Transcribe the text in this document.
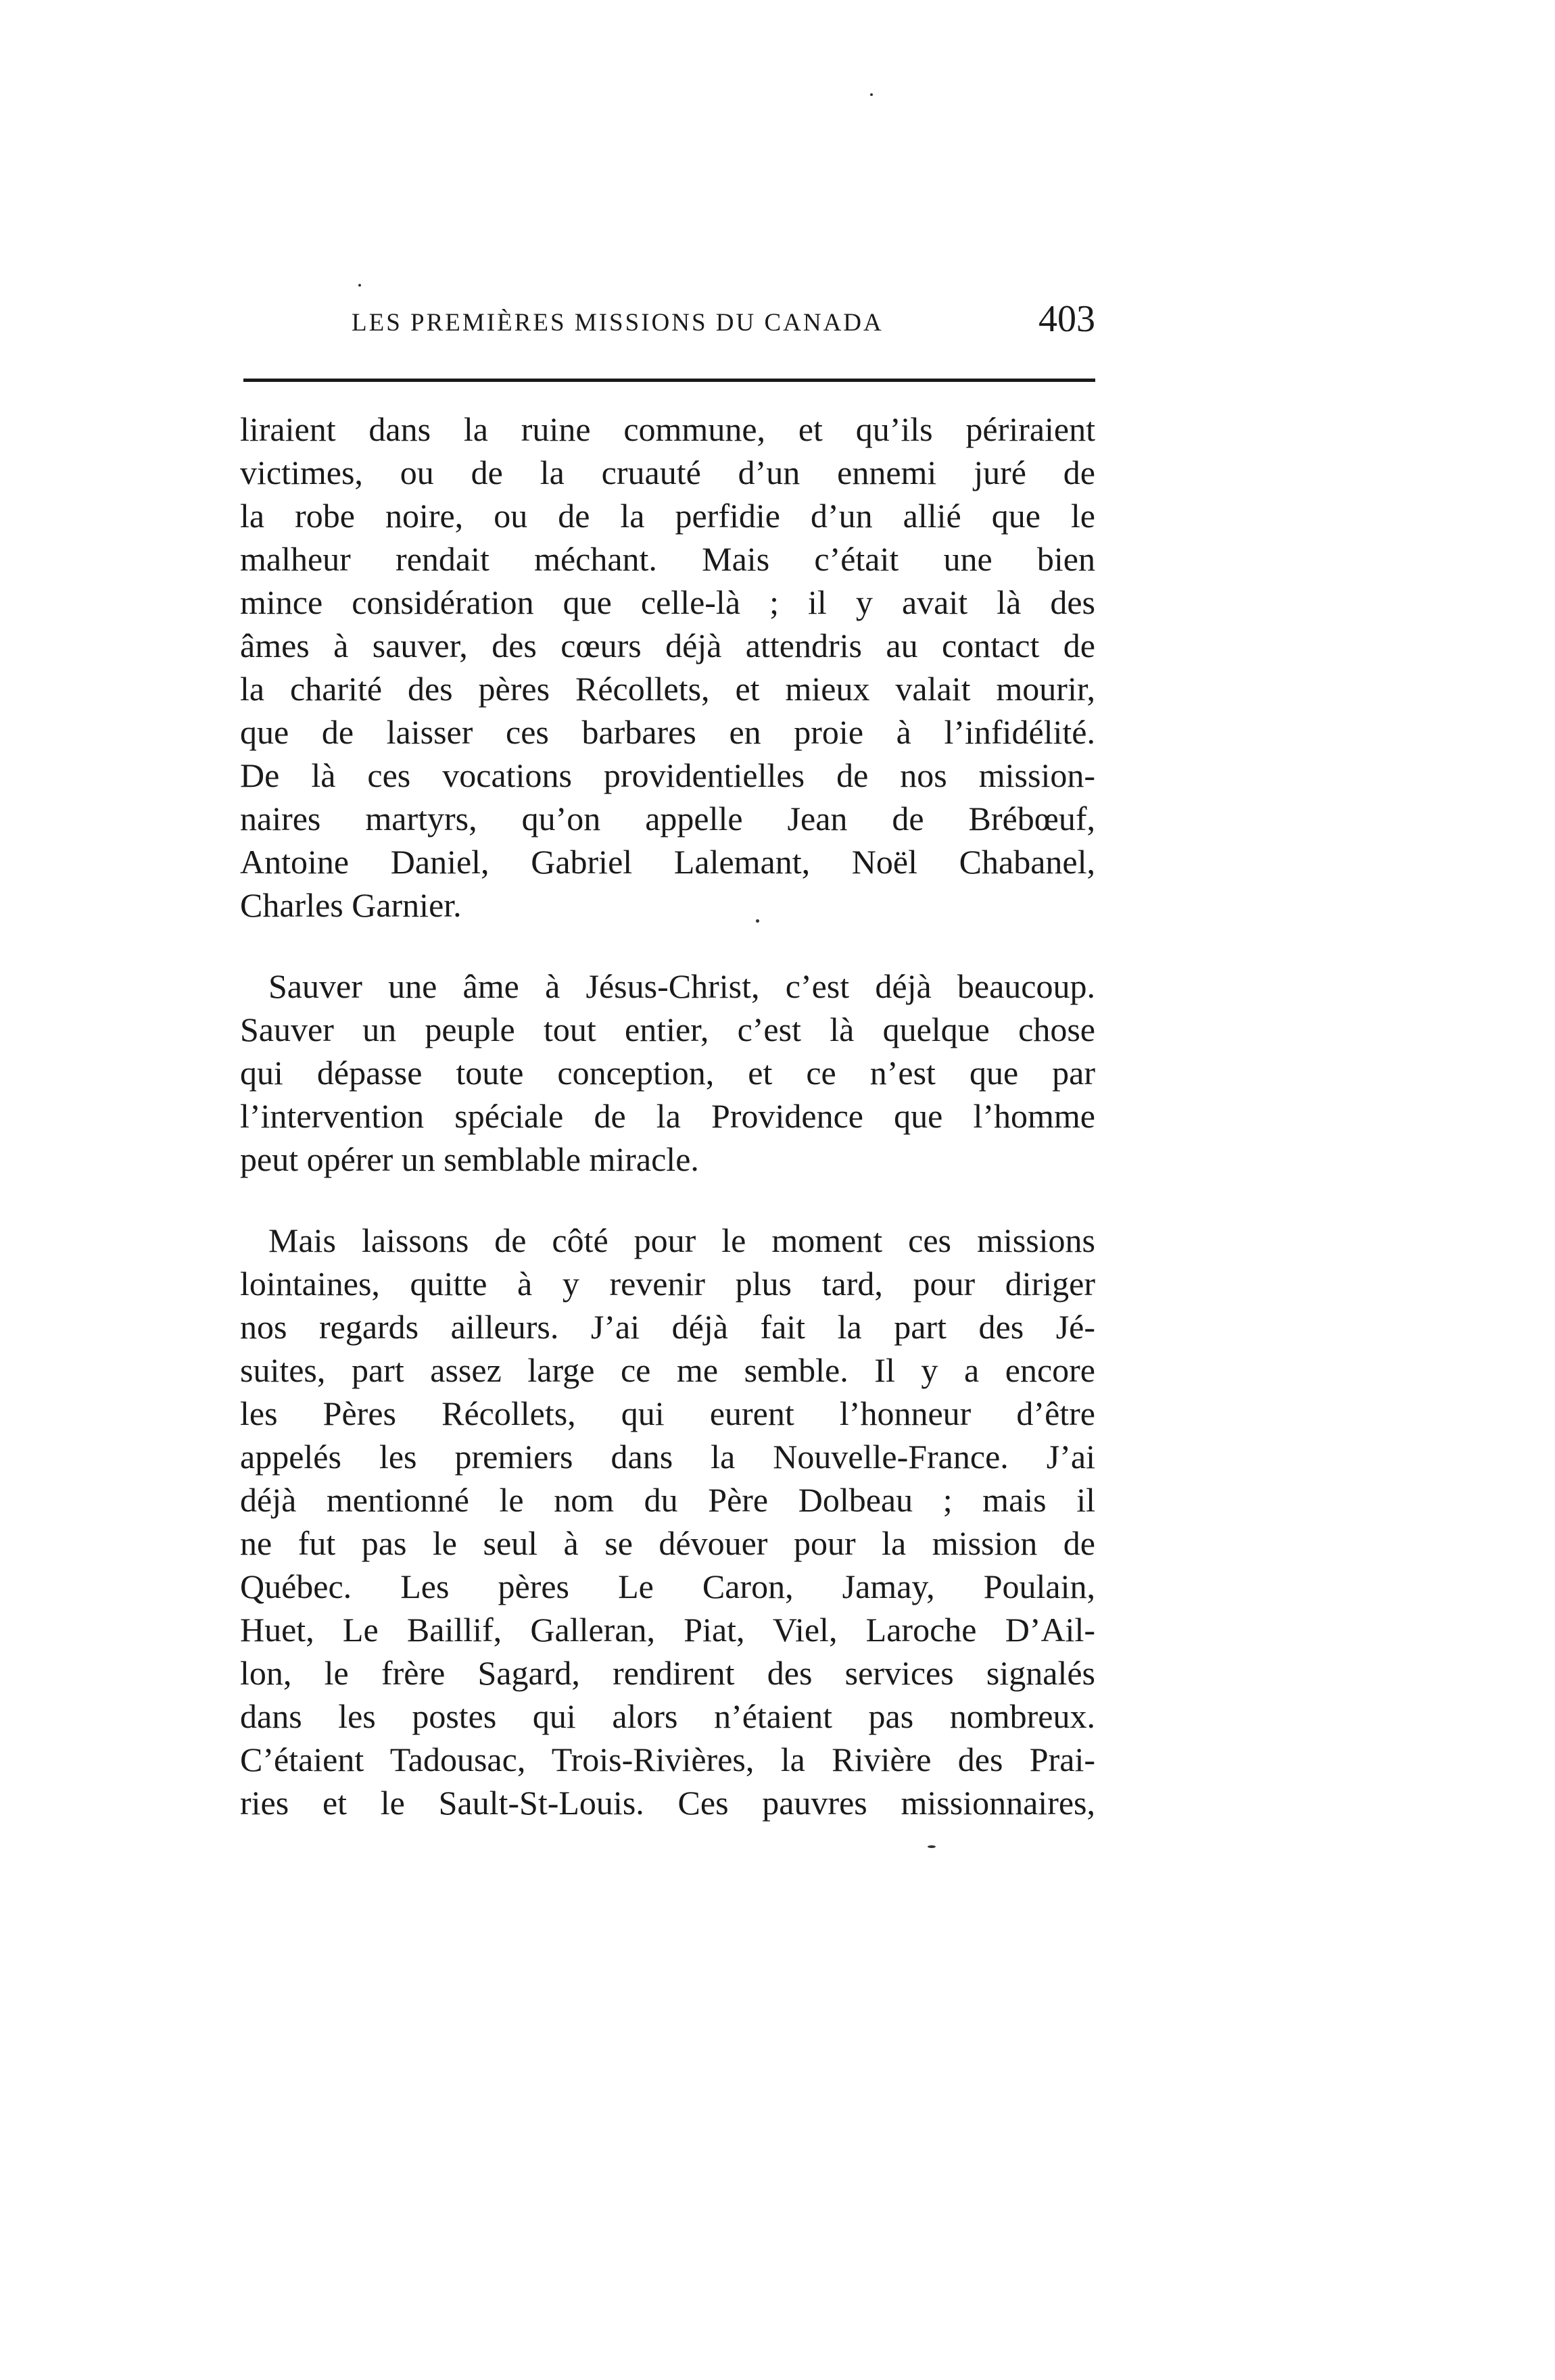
LES PREMIÈRES MISSIONS DU CANADA	403
liraient dans la ruine commune, et qu’ils périraient
victimes, ou de la cruauté d’un ennemi juré de
la robe noire, ou de la perfidie d’un allié que le
malheur rendait méchant. Mais c’était une bien
mince considération que celle-là ; il y avait là des
âmes à sauver, des cœurs déjà attendris au contact de
la charité des pères Récollets, et mieux valait mourir,
que de laisser ces barbares en proie à l’infidélité.
De là ces vocations providentielles de nos mission-
naires martyrs, qu’on appelle Jean de Brébœuf,
Antoine Daniel, Gabriel Lalemant, Noël Chabanel,
Charles Garnier.
Sauver une âme à Jésus-Christ, c’est déjà beaucoup.
Sauver un peuple tout entier, c’est là quelque chose
qui dépasse toute conception, et ce n’est que par
l’intervention spéciale de la Providence que l’homme
peut opérer un semblable miracle.
Mais laissons de côté pour le moment ces missions
lointaines, quitte à y revenir plus tard, pour diriger
nos regards ailleurs. J’ai déjà fait la part des Jé-
suites, part assez large ce me semble. Il y a encore
les Pères Récollets, qui eurent l’honneur d’être
appelés les premiers dans la Nouvelle-France. J’ai
déjà mentionné le nom du Père Dolbeau ; mais il
ne fut pas le seul à se dévouer pour la mission de
Québec. Les pères Le Caron, Jamay, Poulain,
Huet, Le Baillif, Galleran, Piat, Viel, Laroche D’Ail-
lon, le frère Sagard, rendirent des services signalés
dans les postes qui alors n’étaient pas nombreux.
C’étaient Tadousac, Trois-Rivières, la Rivière des Prai-
ries et le Sault-St-Louis. Ces pauvres missionnaires,
